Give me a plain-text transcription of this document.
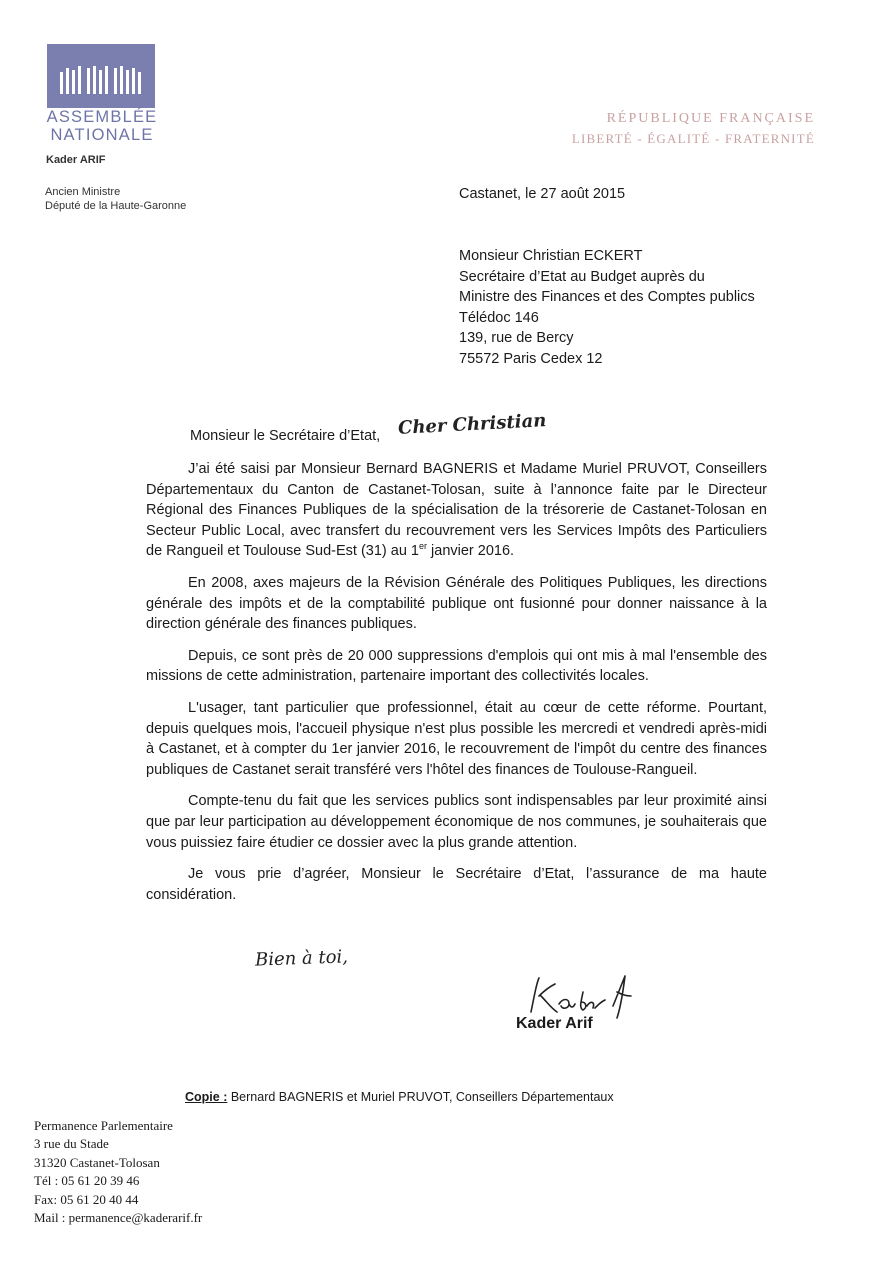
ASSEMBLÉE
NATIONALE
Kader ARIF
Ancien Ministre
Député de la Haute-Garonne
RÉPUBLIQUE FRANÇAISE
LIBERTÉ - ÉGALITÉ - FRATERNITÉ
Castanet, le 27 août 2015
Monsieur Christian ECKERT
Secrétaire d’Etat au Budget auprès du
Ministre des Finances et des Comptes publics
Télédoc 146
139, rue de Bercy
75572 Paris Cedex 12
Monsieur le Secrétaire d’Etat, Cher Christian

J’ai été saisi par Monsieur Bernard BAGNERIS et Madame Muriel PRUVOT, Conseillers Départementaux du Canton de Castanet-Tolosan, suite à l’annonce faite par le Directeur Régional des Finances Publiques de la spécialisation de la trésorerie de Castanet-Tolosan en Secteur Public Local, avec transfert du recouvrement vers les Services Impôts des Particuliers de Rangueil et Toulouse Sud-Est (31) au 1er janvier 2016.

En 2008, axes majeurs de la Révision Générale des Politiques Publiques, les directions générale des impôts et de la comptabilité publique ont fusionné pour donner naissance à la direction générale des finances publiques.

Depuis, ce sont près de 20 000 suppressions d'emplois qui ont mis à mal l'ensemble des missions de cette administration, partenaire important des collectivités locales.

L'usager, tant particulier que professionnel, était au cœur de cette réforme. Pourtant, depuis quelques mois, l'accueil physique n'est plus possible les mercredi et vendredi après-midi à Castanet, et à compter du 1er janvier 2016, le recouvrement de l'impôt du centre des finances publiques de Castanet serait transféré vers l'hôtel des finances de Toulouse-Rangueil.

Compte-tenu du fait que les services publics sont indispensables par leur proximité ainsi que par leur participation au développement économique de nos communes, je souhaiterais que vous puissiez faire étudier ce dossier avec la plus grande attention.

Je vous prie d’agréer, Monsieur le Secrétaire d’Etat, l’assurance de ma haute considération.

Bien à toi,
Kader Arif
Copie : Bernard BAGNERIS et Muriel PRUVOT, Conseillers Départementaux
Permanence Parlementaire
3 rue du Stade
31320 Castanet-Tolosan
Tél : 05 61 20 39 46
Fax: 05 61 20 40 44
Mail : permanence@kaderarif.fr
